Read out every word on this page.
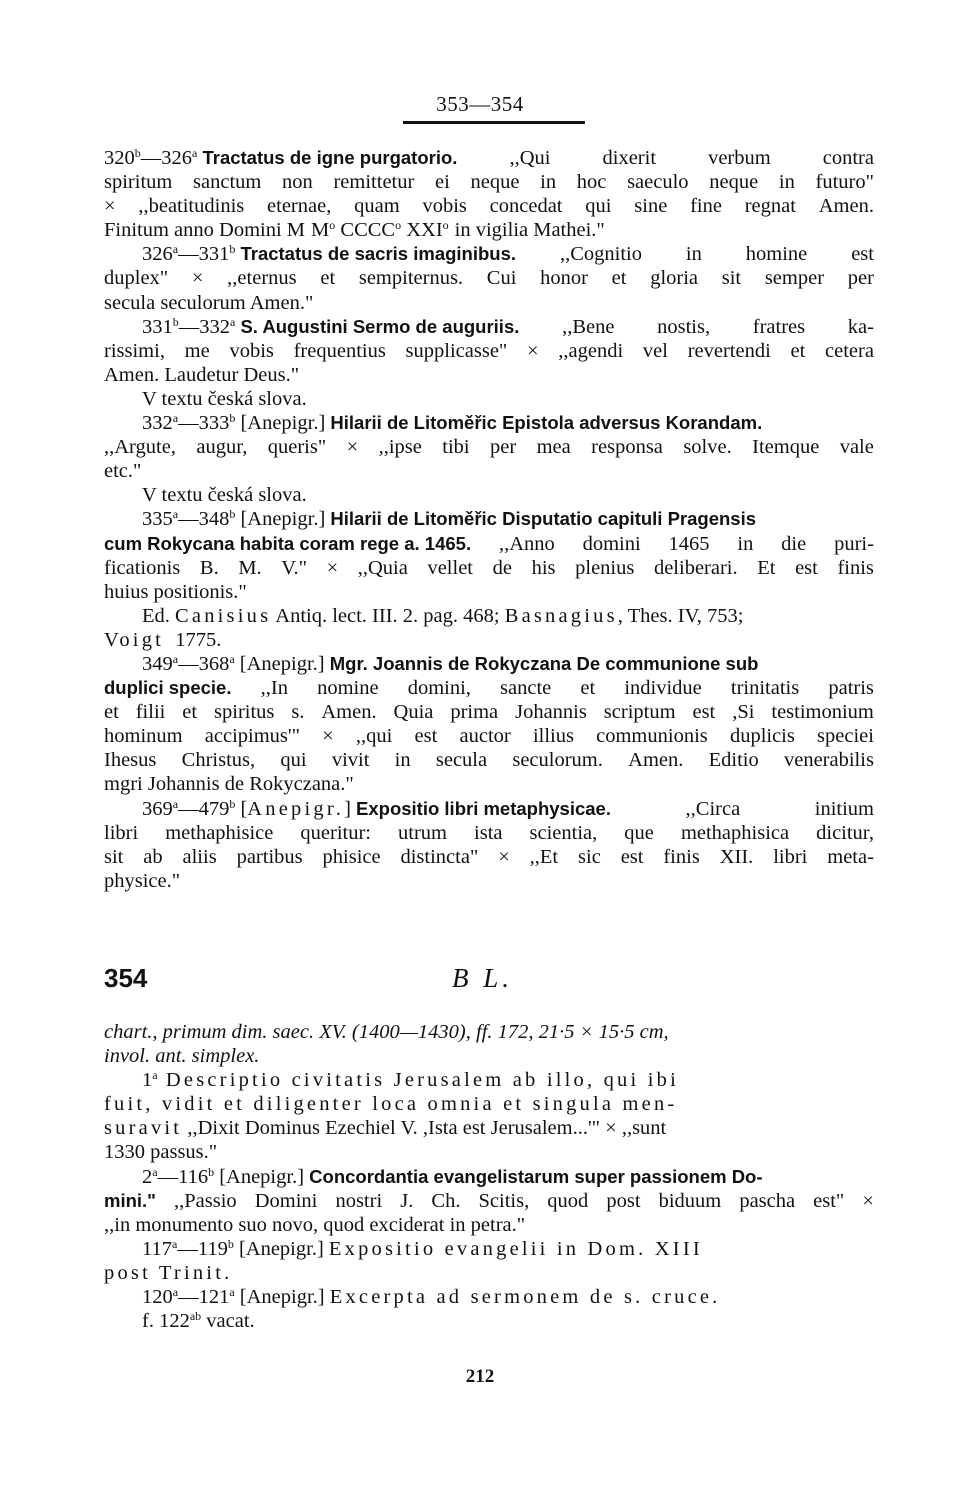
353—354
320$^b$—326$^a$ Tractatus de igne purgatorio.	,,Qui	dixerit	verbum	contra
spiritum sanctum non remittetur ei neque in hoc saeculo neque in futuro"
× ,,beatitudinis eternae, quam vobis concedat qui sine fine regnat Amen.
Finitum anno Domini M $M^o$ CCCC$^o$ XXI$^o$ in vigilia Mathei."
326$^a$—331$^b$ Tractatus de sacris imaginibus. ,,Cognitio in homine est
duplex" × ,,eternus et sempiternus. Cui honor et gloria sit semper per
secula seculorum Amen."
331$^b$—332$^a$ S. Augustini Sermo de auguriis. ,,Bene nostis, fratres ka-
rissimi, me vobis frequentius supplicasse" × ,,agendi vel revertendi et cetera
Amen. Laudetur Deus."
V textu česká slova.
332$^a$—333$^b$ [Anepigr.] Hilarii de Litoměřic Epistola adversus Korandam.
,,Argute, augur, queris" × ,,ipse tibi per mea responsa solve. Itemque vale
etc."
V textu česká slova.
335$^a$—348$^b$ [Anepigr.] Hilarii de Litoměřic Disputatio capituli Pragensis
cum Rokycana habita coram rege a. 1465. ,,Anno domini 1465 in die puri-
ficationis B. M. V." × ,,Quia vellet de his plenius deliberari. Et est finis
huius positionis."
Ed. Canisius Antiq. lect. III. 2. pag. 468; Basnagius, Thes. IV, 753;
Voigt 1775.
349$^a$—368$^a$ [Anepigr.] Mgr. Joannis de Rokyczana De communione sub
duplici specie. ,,In nomine domini, sancte et individue trinitatis patris
et filii et spiritus s. Amen. Quia prima Johannis scriptum est ,Si testimonium
hominum accipimus'" × ,,qui est auctor illius communionis duplicis speciei
Ihesus Christus, qui vivit in secula seculorum. Amen. Editio venerabilis
mgri Johannis de Rokyczana."
369$^a$—479$^b$ [Anepigr.] Expositio libri metaphysicae.	,,Circa	initium
libri methaphisice queritur: utrum ista scientia, que methaphisica dicitur,
sit ab aliis partibus phisice distincta" × ,,Et sic est finis XII. libri meta-
physice."
354	B L.
chart., primum dim. saec. XV. (1400—1430), ff. 172, 21·5 × 15·5 cm,
invol. ant. simplex.
1$^a$ Descriptio civitatis Jerusalem ab illo, qui ibi
fuit, vidit et diligenter loca omnia et singula men-
suravit ,,Dixit Dominus Ezechiel V. ,Ista est Jerusalem...'" × ,,sunt
1330 passus."
2$^a$—116$^b$ [Anepigr.] Concordantia evangelistarum super passionem Do-
mini." ,,Passio Domini nostri J. Ch. Scitis, quod post biduum pascha est" ×
,,in monumento suo novo, quod exciderat in petra."
117$^a$—119$^b$ [Anepigr.] Expositio evangelii in Dom. XIII
post Trinit.
120$^a$—121$^a$ [Anepigr.] Excerpta ad sermonem de s. cruce.
f. $122^{ab}$ vacat.
212
